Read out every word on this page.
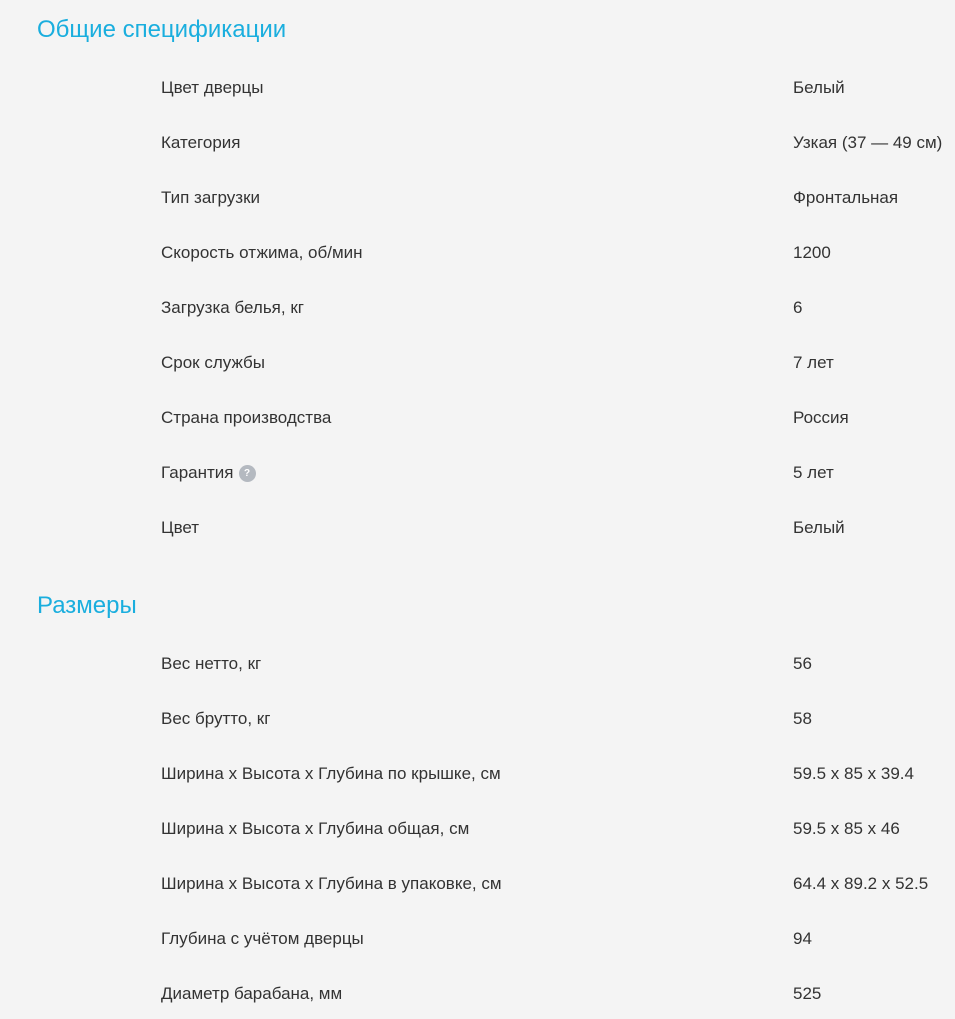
Общие спецификации
Цвет дверцы	Белый
Категория	Узкая (37 — 49 см)
Тип загрузки	Фронтальная
Скорость отжима, об/мин	1200
Загрузка белья, кг	6
Срок службы	7 лет
Страна производства	Россия
Гарантия	?	5 лет
Цвет	Белый
Размеры
Вес нетто, кг	56
Вес брутто, кг	58
Ширина x Высота x Глубина по крышке, см	59.5 x 85 x 39.4
Ширина x Высота x Глубина общая, см	59.5 x 85 x 46
Ширина x Высота x Глубина в упаковке, см	64.4 x 89.2 x 52.5
Глубина с учётом дверцы	94
Диаметр барабана, мм	525
